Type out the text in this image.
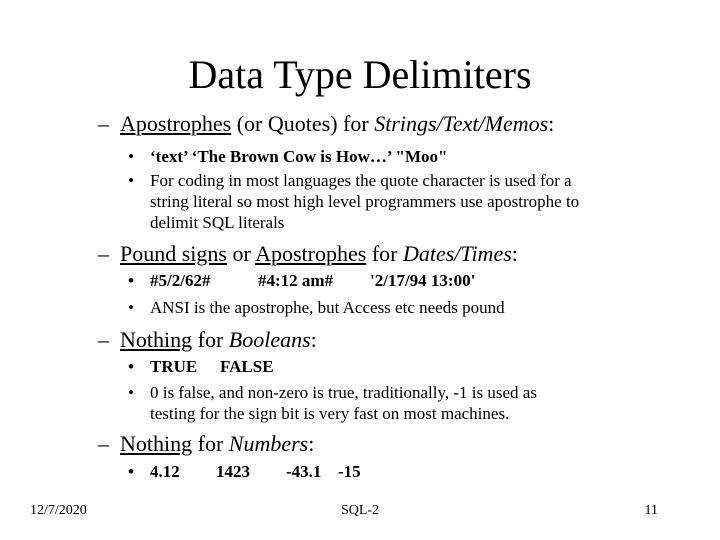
Data Type Delimiters
– Apostrophes (or Quotes) for Strings/Text/Memos:
• ‘text’ ‘The Brown Cow is How…’ "Moo"
• For coding in most languages the quote character is used for a
string literal so most high level programmers use apostrophe to
delimit SQL literals
– Pound signs or Apostrophes for Dates/Times:
• #5/2/62#	#4:12 am# '2/17/94 13:00'
• ANSI is the apostrophe, but Access etc needs pound
– Nothing for Booleans:
• TRUE FALSE
• 0 is false, and non-zero is true, traditionally, -1 is used as
testing for the sign bit is very fast on most machines.
– Nothing for Numbers:
• 4.12 1423 -43.1 -15
12/7/2020	SQL-2	11
